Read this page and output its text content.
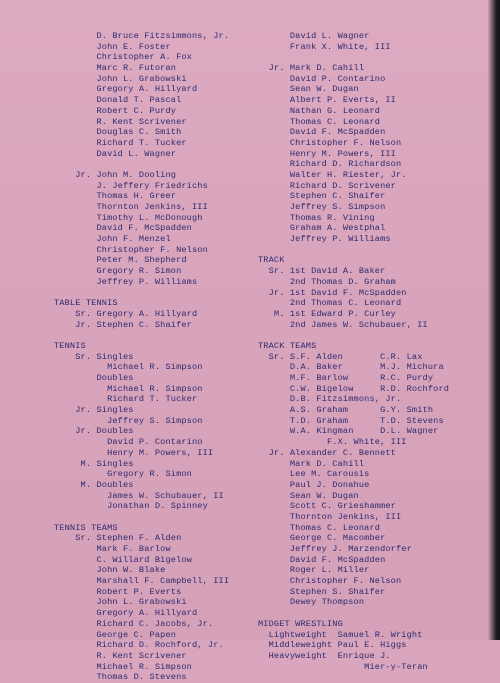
D. Bruce Fitzsimmons, Jr.
John E. Foster
Christopher A. Fox
Marc R. Futoran
John L. Grabowski
Gregory A. Hillyard
Donald T. Pascal
Robert C. Purdy
R. Kent Scrivener
Douglas C. Smith
Richard T. Tucker
David L. Wagner
Jr. John M. Dooling
J. Jeffery Friedrichs
Thomas H. Greer
Thornton Jenkins, III
Timothy L. McDonough
David F. McSpadden
John F. Menzel
Christopher F. Nelson
Peter M. Shepherd
Gregory R. Simon
Jeffrey P. Williams
TABLE TENNIS
Sr. Gregory A. Hillyard
Jr. Stephen C. Shaifer
TENNIS
Sr. Singles
Michael R. Simpson
Doubles
Michael R. Simpson
Richard T. Tucker
Jr. Singles
Jeffrey S. Simpson
Jr. Doubles
David P. Contarino
Henry M. Powers, III
M. Singles
Gregory R. Simon
M. Doubles
James W. Schubauer, II
Jonathan D. Spinney
TENNIS TEAMS
Sr. Stephen F. Alden
Mark F. Barlow
C. Willard Bigelow
John W. Blake
Marshall F. Campbell, III
Robert P. Everts
John L. Grabowski
Gregory A. Hillyard
Richard C. Jacobs, Jr.
George C. Papen
Richard D. Rochford, Jr.
R. Kent Scrivener
Michael R. Simpson
Thomas D. Stevens
David L. Wagner
Frank X. White, III
Jr. Mark D. Cahill
David P. Contarino
Sean W. Dugan
Albert P. Everts, II
Nathan G. Leonard
Thomas C. Leonard
David F. McSpadden
Christopher F. Nelson
Henry M. Powers, III
Richard D. Richardson
Walter H. Riester, Jr.
Richard D. Scrivener
Stephen C. Shaifer
Jeffrey S. Simpson
Thomas R. Vining
Graham A. Westphal
Jeffrey P. Williams
TRACK
Sr. 1st David A. Baker
2nd Thomas D. Graham
Jr. 1st David F. McSpadden
2nd Thomas C. Leonard
M. 1st Edward P. Curley
2nd James W. Schubauer, II
TRACK TEAMS
Sr. S.F. Alden       C.R. Lax
D.A. Baker       M.J. Michura
M.F. Barlow      R.C. Purdy
C.W. Bigelow     R.D. Rochford
D.B. Fitzsimmons, Jr.
A.S. Graham      G.Y. Smith
T.D. Graham      T.D. Stevens
W.A. Kingman     D.L. Wagner
F.X. White, III
Jr. Alexander C. Bennett
Mark D. Cahill
Lee M. Carousis
Paul J. Donahue
Sean W. Dugan
Scott C. Grieshammer
Thornton Jenkins, III
Thomas C. Leonard
George C. Macomber
Jeffrey J. Marzendorfer
David F. McSpadden
Roger L. Miller
Christopher F. Nelson
Stephen S. Shaifer
Dewey Thompson
MIDGET WRESTLING
Lightweight  Samuel R. Wright
Middleweight Paul E. Higgs
Heavyweight  Enrique J.
Mier-y-Teran
